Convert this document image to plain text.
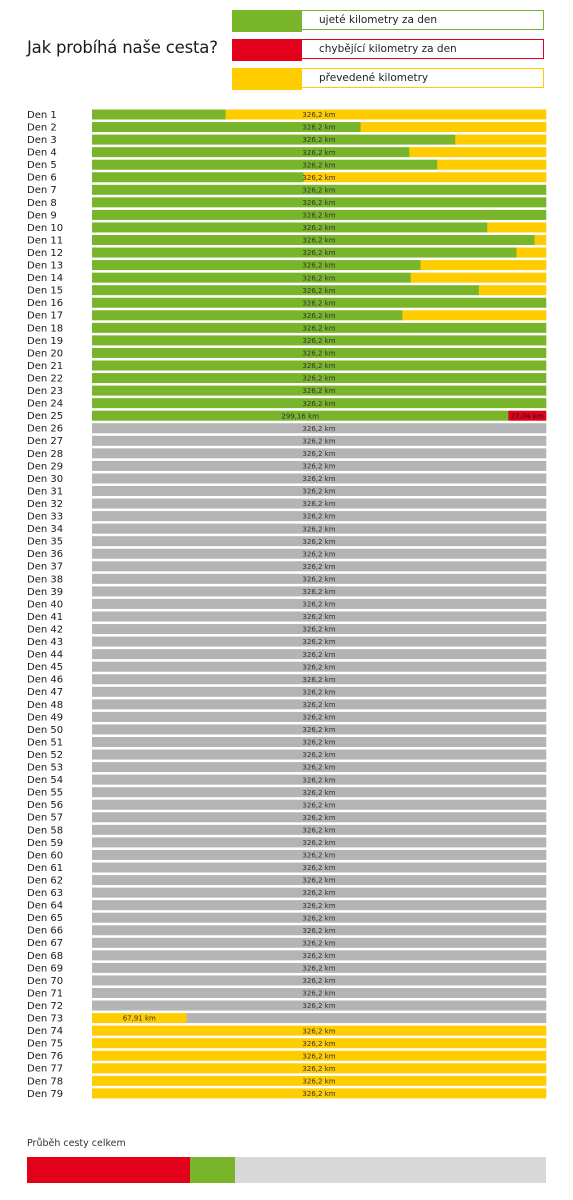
Jak probíhá naše cesta?
ujeté kilometry za den
chybějící kilometry za den
převedené kilometry
Den 1	326,2 km
Den 2	326,2 km
Den 3	326,2 km
Den 4	326,2 km
Den 5	326,2 km
Den 6	326,2 km
Den 7	326,2 km
Den 8	326,2 km
Den 9	326,2 km
Den 10	326,2 km
Den 11	326,2 km
Den 12	326,2 km
Den 13	326,2 km
Den 14	326,2 km
Den 15	326,2 km
Den 16	326,2 km
Den 17	326,2 km
Den 18	326,2 km
Den 19	326,2 km
Den 20	326,2 km
Den 21	326,2 km
Den 22	326,2 km
Den 23	326,2 km
Den 24	326,2 km
Den 25	299,16 km
Den 26	326,2 km
Den 27	326,2 km
Den 28	326,2 km
Den 29	326,2 km
Den 30	326,2 km
Den 31	326,2 km
Den 32	326,2 km
Den 33	326,2 km
Den 34	326,2 km
Den 35	326,2 km
Den 36	326,2 km
Den 37	326,2 km
Den 38	326,2 km
Den 39	326,2 km
Den 40	326,2 km
Den 41	326,2 km
Den 42	326,2 km
Den 43	326,2 km
Den 44	326,2 km
Den 45	326,2 km
Den 46	326,2 km
Den 47	326,2 km
Den 48	326,2 km
Den 49	326,2 km
Den 50	326,2 km
Den 51	326,2 km
Den 52	326,2 km
Den 53	326,2 km
Den 54	326,2 km
Den 55	326,2 km
Den 56	326,2 km
Den 57	326,2 km
Den 58	326,2 km
Den 59	326,2 km
Den 60	326,2 km
Den 61	326,2 km
Den 62	326,2 km
Den 63	326,2 km
Den 64	326,2 km
Den 65	326,2 km
Den 66	326,2 km
Den 67	326,2 km
Den 68	326,2 km
Den 69	326,2 km
Den 70	326,2 km
Den 71	326,2 km
Den 72	326,2 km
Den 73	67,91 km
Den 74	326,2 km
Den 75	326,2 km
Den 76	326,2 km
Den 77	326,2 km
Den 78	326,2 km
Den 79	326,2 km
27,04 km
Průběh cesty celkem
